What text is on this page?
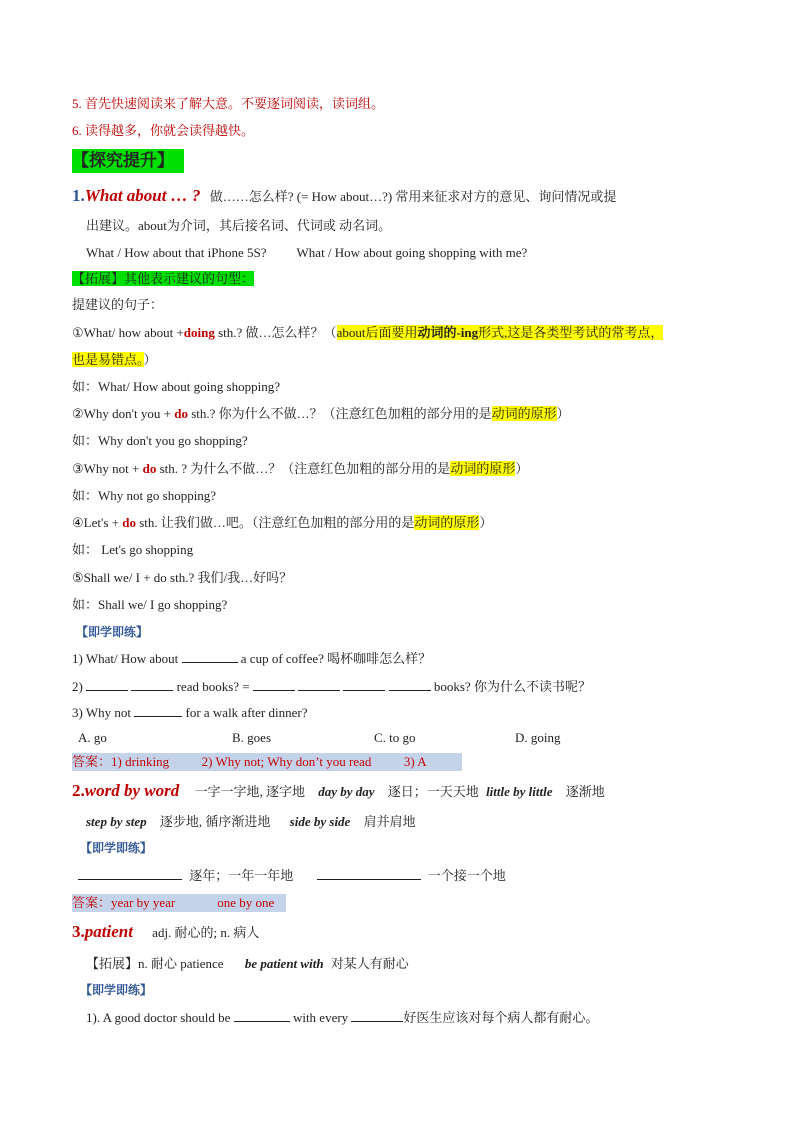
5. 首先快速阅读来了解大意。不要逐词阅读，读词组。
6. 读得越多，你就会读得越快。
【探究提升】
1.What about … ? 做……怎么样? (= How about…?) 常用来征求对方的意见、询问情况或提
出建议。about为介词，其后接名词、代词或 动名词。
What / How about that iPhone 5S? What / How about going shopping with me?
【拓展】其他表示建议的句型：
提建议的句子：
①What/ how about +doing sth.? 做…怎么样？（about后面要用动词的-ing形式,这是各类型考试的常考点，
也是易错点。）
如：What/ How about going shopping?
②Why don't you + do sth.? 你为什么不做…？（注意红色加粗的部分用的是动词的原形）
如：Why don't you go shopping?
③Why not + do sth. ? 为什么不做…？（注意红色加粗的部分用的是动词的原形）
如：Why not go shopping?
④Let's + do sth. 让我们做…吧。（注意红色加粗的部分用的是动词的原形）
如： Let's go shopping
⑤Shall we/ I + do sth.? 我们/我…好吗？
如：Shall we/ I go shopping?
【即学即练】
1) What/ How about	a cup of coffee? 喝杯咖啡怎么样？
2)	read books? =	books? 你为什么不读书呢？
3) Why not	for a walk after dinner?
A. go	B. goes	C. to go	D. going
答案：1) drinking          2) Why not; Why don’t you read          3) A
2.word by word 一字一字地, 逐字地 day by day 逐日；一天天地 little by little 逐渐地
step by step 逐步地, 循序渐进地 side by side 肩并肩地
【即学即练】
逐年；一年一年地	一个接一个地
答案：year by year	one by one
3.patient adj. 耐心的; n. 病人
【拓展】n. 耐心 patience be patient with 对某人有耐心
【即学即练】
1). A good doctor should be	with every	好医生应该对每个病人都有耐心。
